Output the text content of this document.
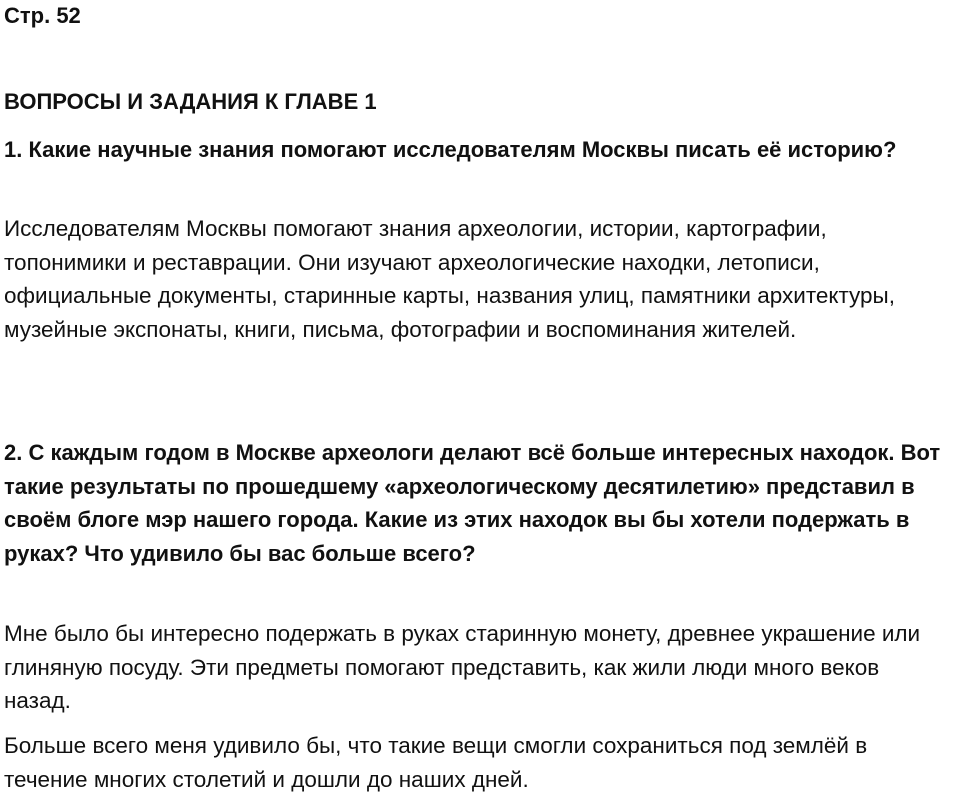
Стр. 52
ВОПРОСЫ И ЗАДАНИЯ К ГЛАВЕ 1

1. Какие научные знания помогают исследователям Москвы писать её историю?

Исследователям Москвы помогают знания археологии, истории, картографии, топонимики и реставрации. Они изучают археологические находки, летописи, официальные документы, старинные карты, названия улиц, памятники архитектуры, музейные экспонаты, книги, письма, фотографии и воспоминания жителей.

2. С каждым годом в Москве археологи делают всё больше интересных находок. Вот такие результаты по прошедшему «археологическому десятилетию» представил в своём блоге мэр нашего города. Какие из этих находок вы бы хотели подержать в руках? Что удивило бы вас больше всего?

Мне было бы интересно подержать в руках старинную монету, древнее украшение или глиняную посуду. Эти предметы помогают представить, как жили люди много веков назад.

Больше всего меня удивило бы, что такие вещи смогли сохраниться под землёй в течение многих столетий и дошли до наших дней.
